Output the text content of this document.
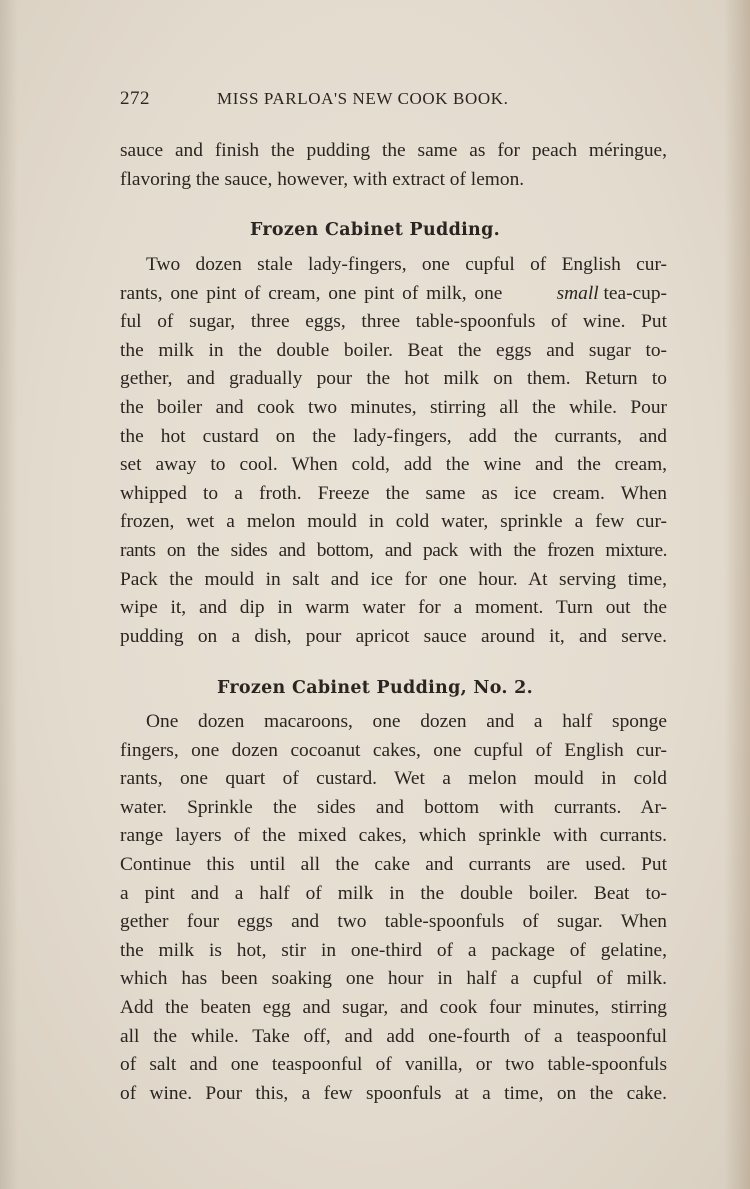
272	MISS PARLOA'S NEW COOK BOOK.
sauce and finish the pudding the same as for peach méringue,
flavoring the sauce, however, with extract of lemon.
Frozen Cabinet Pudding.
Two dozen stale lady-fingers, one cupful of English cur-
rants, one pint of cream, one pint of milk, one small tea-cup-
ful of sugar, three eggs, three table-spoonfuls of wine. Put
the milk in the double boiler. Beat the eggs and sugar to-
gether, and gradually pour the hot milk on them. Return to
the boiler and cook two minutes, stirring all the while. Pour
the hot custard on the lady-fingers, add the currants, and
set away to cool. When cold, add the wine and the cream,
whipped to a froth. Freeze the same as ice cream. When
frozen, wet a melon mould in cold water, sprinkle a few cur-
rants on the sides and bottom, and pack with the frozen mixture.
Pack the mould in salt and ice for one hour. At serving time,
wipe it, and dip in warm water for a moment. Turn out the
pudding on a dish, pour apricot sauce around it, and serve.
Frozen Cabinet Pudding, No. 2.
One dozen macaroons, one dozen and a half sponge
fingers, one dozen cocoanut cakes, one cupful of English cur-
rants, one quart of custard. Wet a melon mould in cold
water. Sprinkle the sides and bottom with currants. Ar-
range layers of the mixed cakes, which sprinkle with currants.
Continue this until all the cake and currants are used. Put
a pint and a half of milk in the double boiler. Beat to-
gether four eggs and two table-spoonfuls of sugar. When
the milk is hot, stir in one-third of a package of gelatine,
which has been soaking one hour in half a cupful of milk.
Add the beaten egg and sugar, and cook four minutes, stirring
all the while. Take off, and add one-fourth of a teaspoonful
of salt and one teaspoonful of vanilla, or two table-spoonfuls
of wine. Pour this, a few spoonfuls at a time, on the cake.
